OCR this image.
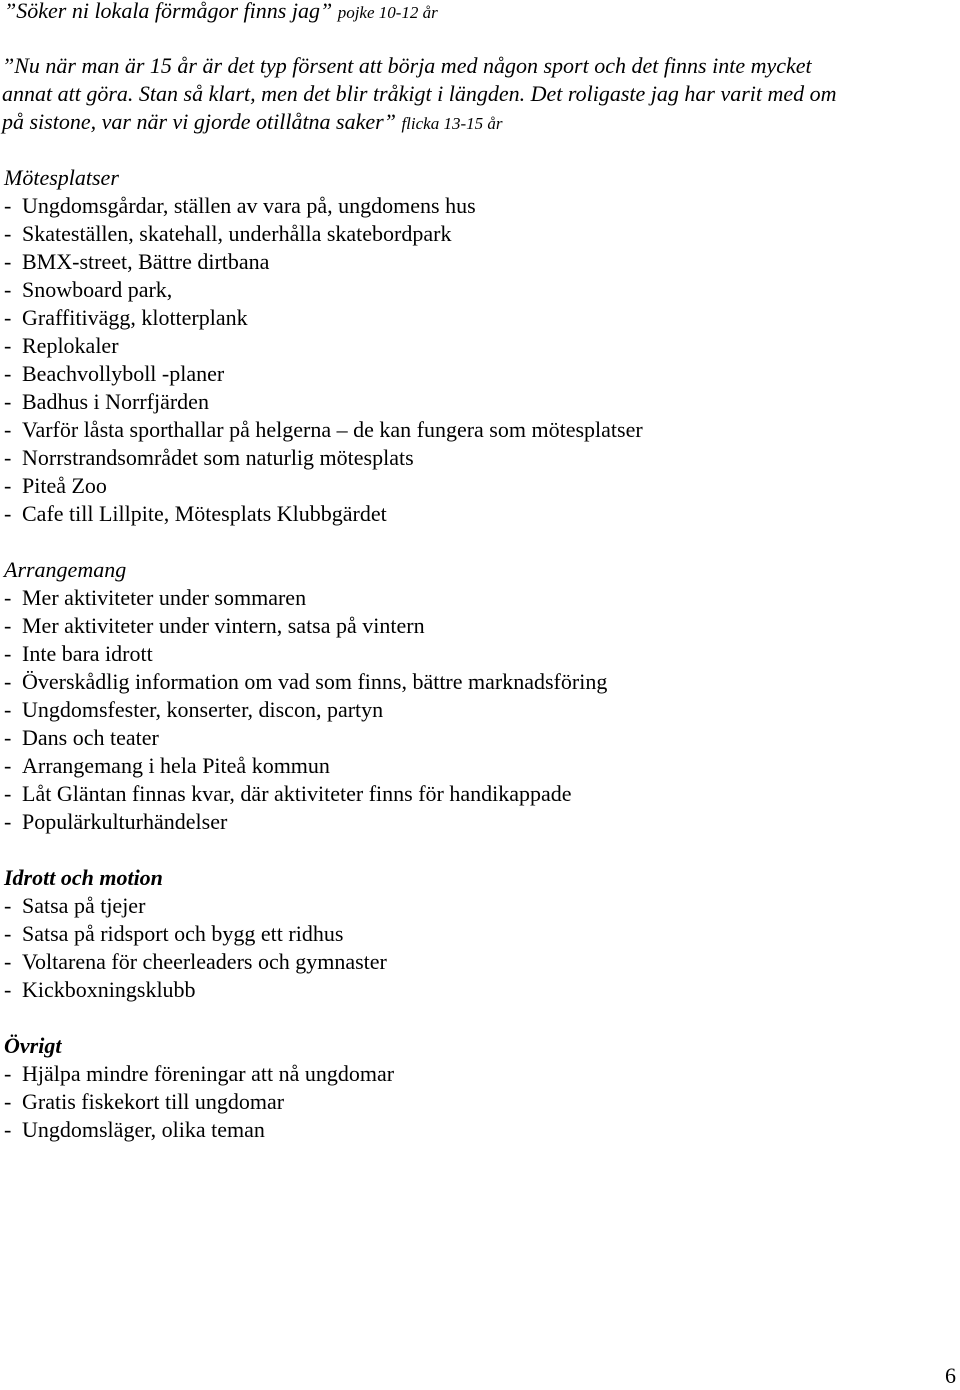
”Söker ni lokala förmågor finns jag” pojke 10-12 år

”Nu när man är 15 år är det typ försent att börja med någon sport och det finns inte mycket
annat att göra. Stan så klart, men det blir tråkigt i längden. Det roligaste jag har varit med om
på sistone, var när vi gjorde otillåtna saker” flicka 13-15 år

Mötesplatser
- Ungdomsgårdar, ställen av vara på, ungdomens hus
- Skateställen, skatehall, underhålla skatebordpark
- BMX-street, Bättre dirtbana
- Snowboard park,
- Graffitivägg, klotterplank
- Replokaler
- Beachvollyboll -planer
- Badhus i Norrfjärden
- Varför låsta sporthallar på helgerna – de kan fungera som mötesplatser
- Norrstrandsområdet som naturlig mötesplats
- Piteå Zoo
- Cafe till Lillpite, Mötesplats Klubbgärdet
Arrangemang
- Mer aktiviteter under sommaren
- Mer aktiviteter under vintern, satsa på vintern
- Inte bara idrott
- Överskådlig information om vad som finns, bättre marknadsföring
- Ungdomsfester, konserter, discon, partyn
- Dans och teater
- Arrangemang i hela Piteå kommun
- Låt Gläntan finnas kvar, där aktiviteter finns för handikappade
- Populärkulturhändelser
Idrott och motion
- Satsa på tjejer
- Satsa på ridsport och bygg ett ridhus
- Voltarena för cheerleaders och gymnaster
- Kickboxningsklubb
Övrigt
- Hjälpa mindre föreningar att nå ungdomar
- Gratis fiskekort till ungdomar
- Ungdomsläger, olika teman
6
